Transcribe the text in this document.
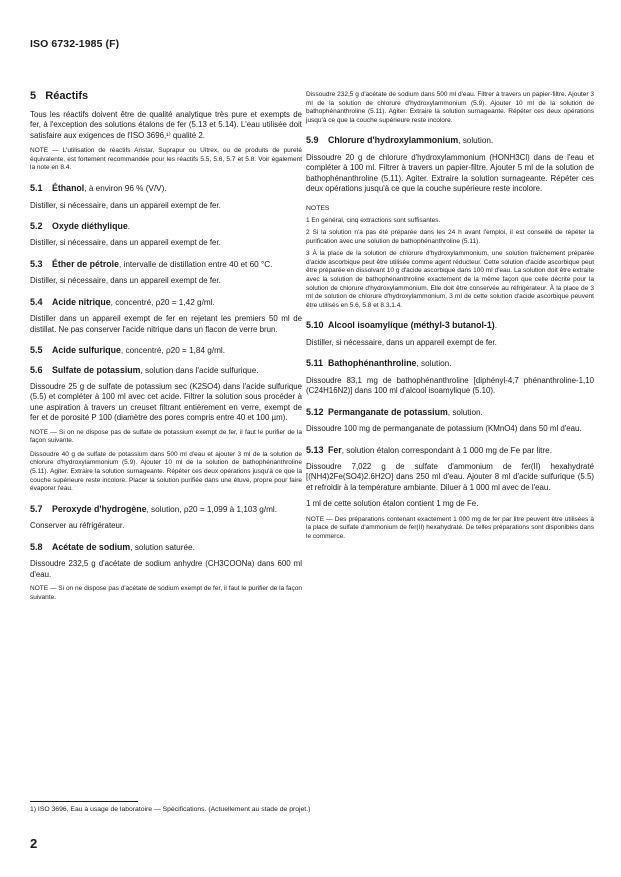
ISO 6732-1985 (F)
5 Réactifs

Tous les réactifs doivent être de qualité analytique très pure et exempts de fer, à l'exception des solutions étalons de fer (5.13 et 5.14). L'eau utilisée doit satisfaire aux exigences de l'ISO 3696,¹⁾ qualité 2.

NOTE — L'utilisation de réactifs Aristar, Suprapur ou Ultrex, ou de produits de pureté équivalente, est fortement recommandée pour les réactifs 5.5, 5.6, 5.7 et 5.8. Voir également la note en 8.4.

5.1 Éthanol, à environ 96 % (V/V).

Distiller, si nécessaire, dans un appareil exempt de fer.

5.2 Oxyde diéthylique.

Distiller, si nécessaire, dans un appareil exempt de fer.

5.3 Éther de pétrole, intervalle de distillation entre 40 et 60 °C.

Distiller, si nécessaire, dans un appareil exempt de fer.

5.4 Acide nitrique, concentré, ρ20 = 1,42 g/ml.

Distiller dans un appareil exempt de fer en rejetant les premiers 50 ml de distillat. Ne pas conserver l'acide nitrique dans un flacon de verre brun.

5.5 Acide sulfurique, concentré, ρ20 = 1,84 g/ml.
5.6 Sulfate de potassium, solution dans l'acide sulfurique.

Dissoudre 25 g de sulfate de potassium sec (K2SO4) dans l'acide sulfurique (5.5) et compléter à 100 ml avec cet acide. Filtrer la solution sous procéder à une aspiration à travers un creuset filtrant entièrement en verre, exempt de fer et de porosité P 100 (diamètre des pores compris entre 40 et 100 µm).

NOTE — Si on ne dispose pas de sulfate de potassium exempt de fer, il faut le purifier de la façon suivante.

Dissoudre 40 g de sulfate de potassium dans 500 ml d'eau et ajouter 3 ml de la solution de chlorure d'hydroxylammonium (5.9). Ajouter 10 ml de la solution de bathophénanthroline (5.11). Agiter. Extraire la solution surnageante. Répéter ces deux opérations jusqu'à ce que la couche supérieure reste incolore. Placer la solution purifiée dans une étuve, propre pour faire évaporer l'eau.

5.7 Peroxyde d'hydrogène, solution, ρ20 = 1,099 à 1,103 g/ml.

Conserver au réfrigérateur.

5.8 Acétate de sodium, solution saturée.

Dissoudre 232,5 g d'acétate de sodium anhydre (CH3COONa) dans 600 ml d'eau.

NOTE — Si on ne dispose pas d'acétate de sodium exempt de fer, il faut le purifier de la façon suivante.

Dissoudre 232,5 g d'acétate de sodium dans 500 ml d'eau. Filtrer à travers un papier-filtre. Ajouter 3 ml de la solution de chlorure d'hydroxylammonium (5.9). Ajouter 10 ml de la solution de bathophénanthroline (5.11). Agiter. Extraire la solution surnageante. Répéter ces deux opérations jusqu'à ce que la couche supérieure reste incolore.

5.9 Chlorure d'hydroxylammonium, solution.

Dissoudre 20 g de chlorure d'hydroxylammonium (HONH3Cl) dans de l'eau et compléter à 100 ml. Filtrer à travers un papier-filtre. Ajouter 5 ml de la solution de bathophénanthroline (5.11). Agiter. Extraire la solution surnageante. Répéter ces deux opérations jusqu'à ce que la couche supérieure reste incolore.

NOTES

1 En général, cinq extractions sont suffisantes.

2 Si la solution n'a pas été préparée dans les 24 h avant l'emploi, il est conseillé de répéter la purification avec une solution de bathophénanthroline (5.11).

3 À la place de la solution de chlorure d'hydroxylammonium, une solution fraîchement préparée d'acide ascorbique peut être utilisée comme agent réducteur. Cette solution d'acide ascorbique peut être préparée en dissolvant 10 g d'acide ascorbique dans 100 ml d'eau. La solution doit être extraite avec la solution de bathophénanthroline exactement de la même façon que celle décrite pour la solution de chlorure d'hydroxylammonium. Elle doit être conservée au réfrigérateur. À la place de 3 ml de solution de chlorure d'hydroxylammonium, 3 ml de cette solution d'acide ascorbique peuvent être utilisés en 5.6, 5.8 et 8.3.1.4.

5.10 Alcool isoamylique (méthyl-3 butanol-1).

Distiller, si nécessaire, dans un appareil exempt de fer.

5.11 Bathophénanthroline, solution.

Dissoudre 83,1 mg de bathophénanthroline [diphényl-4,7 phénanthroline-1,10 (C24H16N2)] dans 100 ml d'alcool isoamylique (5.10).

5.12 Permanganate de potassium, solution.

Dissoudre 100 mg de permanganate de potassium (KMnO4) dans 50 ml d'eau.

5.13 Fer, solution étalon correspondant à 1 000 mg de Fe par litre.

Dissoudre 7,022 g de sulfate d'ammonium de fer(II) hexahydraté [(NH4)2Fe(SO4)2.6H2O] dans 250 ml d'eau. Ajouter 8 ml d'acide sulfurique (5.5) et refroidir à la température ambiante. Diluer à 1 000 ml avec de l'eau.

1 ml de cette solution étalon contient 1 mg de Fe.

NOTE — Des préparations contenant exactement 1 000 mg de fer par litre peuvent être utilisées à la place de sulfate d'ammonium de fer(II) hexahydraté. De telles préparations sont disponibles dans le commerce.

1) ISO 3696, Eau à usage de laboratoire — Spécifications. (Actuellement au stade de projet.)
2
